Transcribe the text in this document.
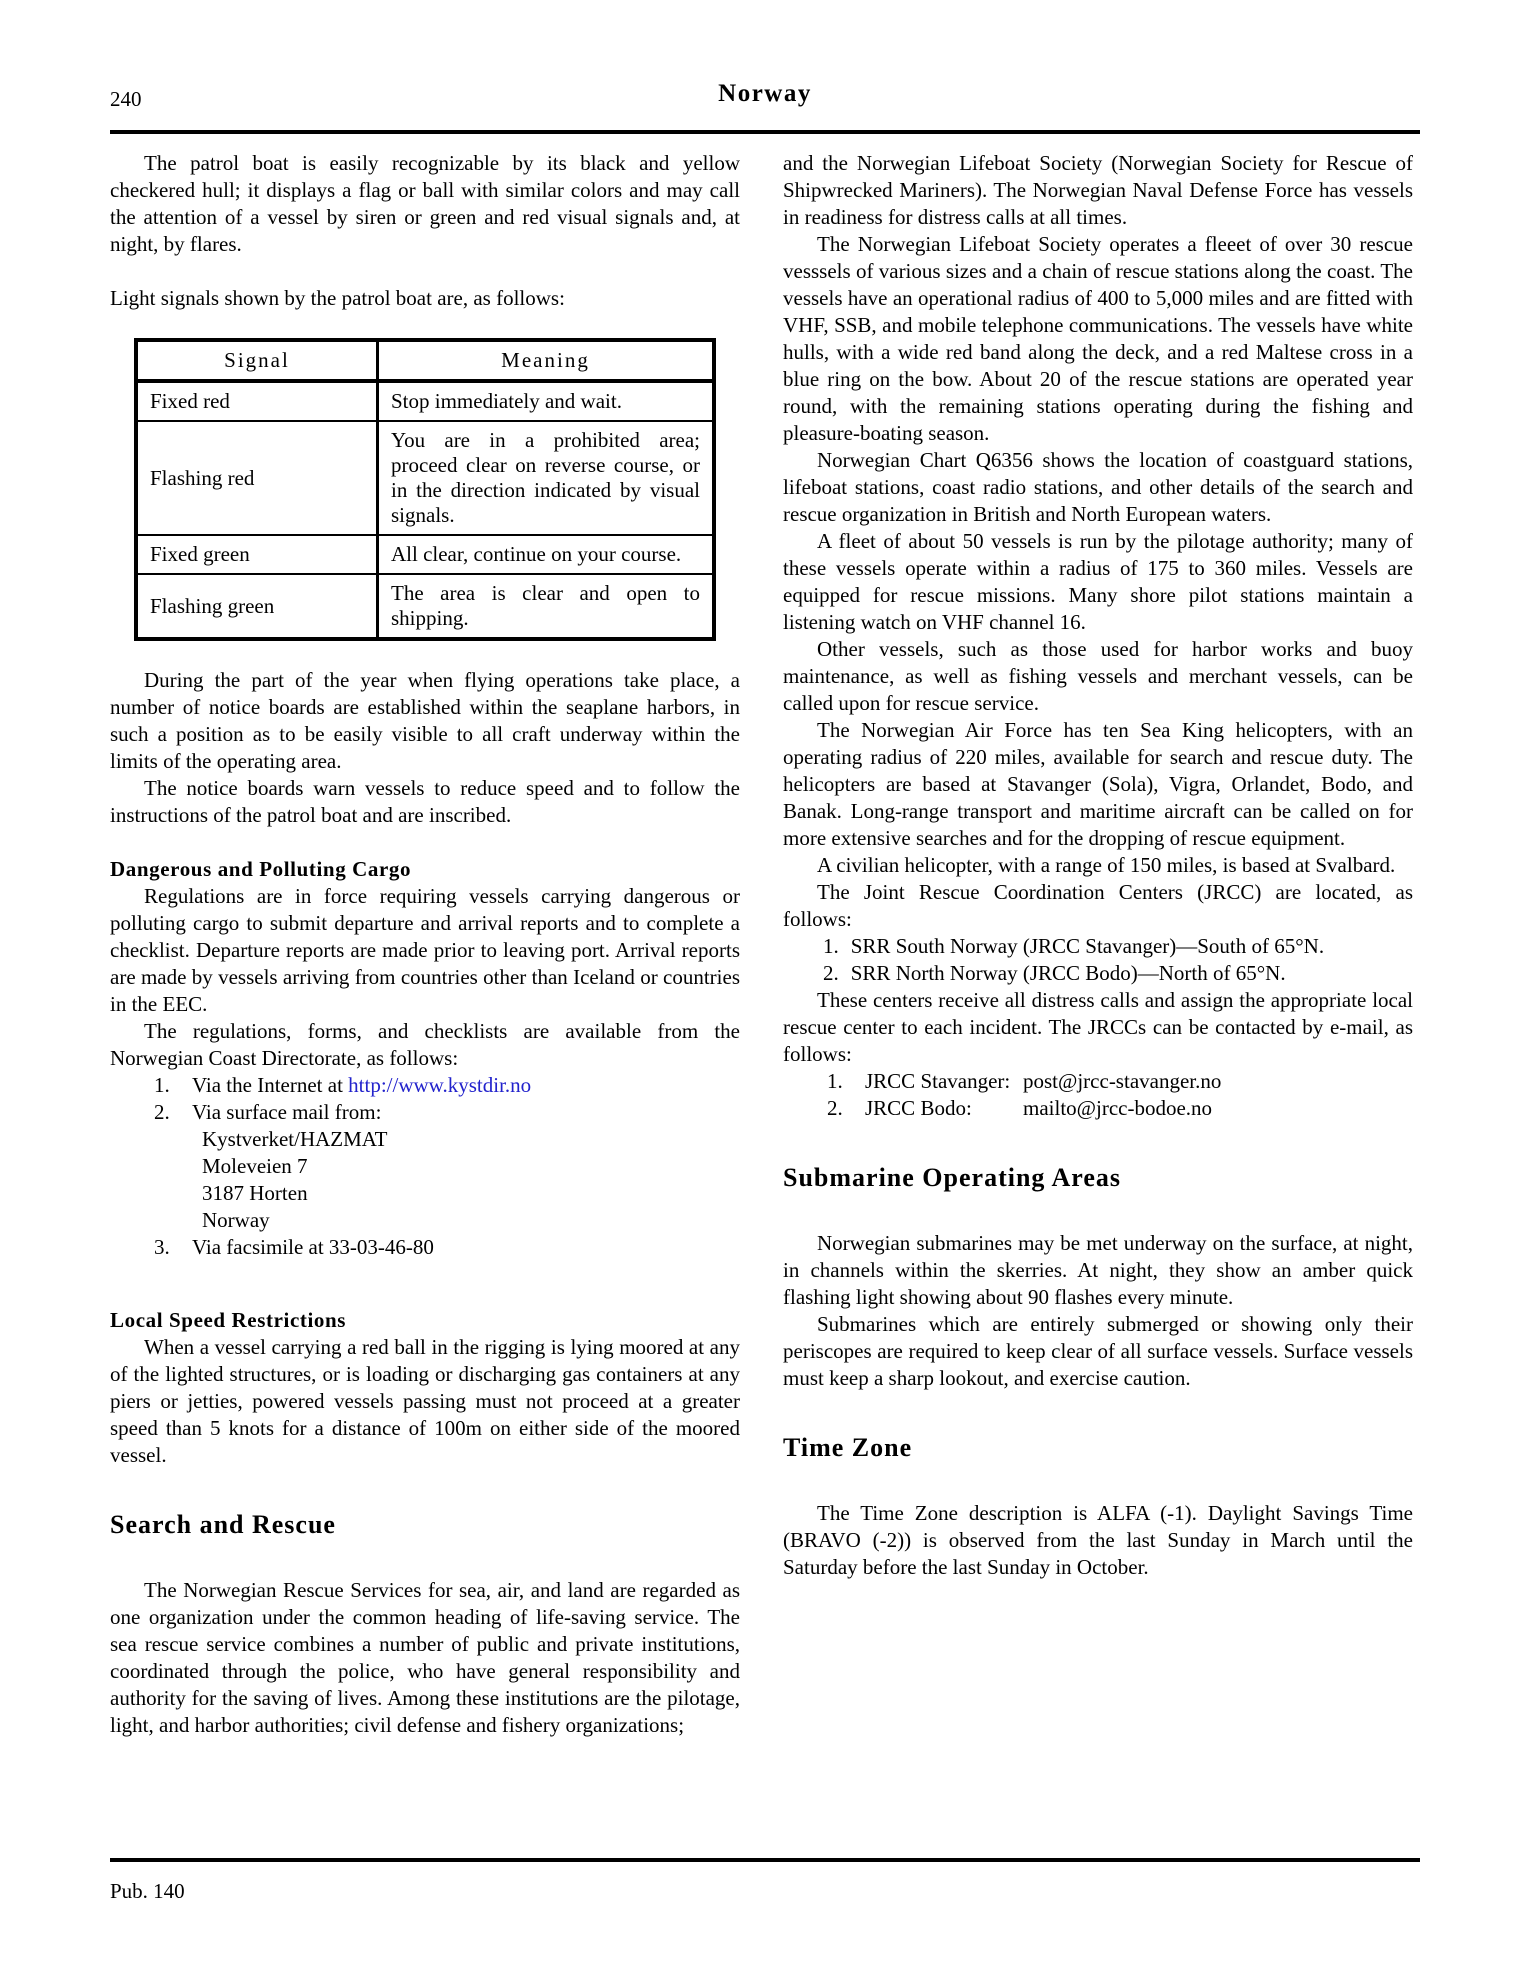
240	Norway

The patrol boat is easily recognizable by its black and yellow checkered hull; it displays a flag or ball with similar colors and may call the attention of a vessel by siren or green and red visual signals and, at night, by flares.

Light signals shown by the patrol boat are, as follows:

Signal	Meaning
Fixed red	Stop immediately and wait.
Flashing red	You are in a prohibited area; proceed clear on reverse course, or in the direction indicated by visual signals.
Fixed green	All clear, continue on your course.
Flashing green	The area is clear and open to shipping.

During the part of the year when flying operations take place, a number of notice boards are established within the seaplane harbors, in such a position as to be easily visible to all craft underway within the limits of the operating area.

The notice boards warn vessels to reduce speed and to follow the instructions of the patrol boat and are inscribed.

Dangerous and Polluting Cargo

Regulations are in force requiring vessels carrying dangerous or polluting cargo to submit departure and arrival reports and to complete a checklist. Departure reports are made prior to leaving port. Arrival reports are made by vessels arriving from countries other than Iceland or countries in the EEC.

The regulations, forms, and checklists are available from the Norwegian Coast Directorate, as follows:

1. Via the Internet at http://www.kystdir.no
2. Via surface mail from:
Kystverket/HAZMAT
Moleveien 7
3187 Horten
Norway
3. Via facsimile at 33-03-46-80
Local Speed Restrictions

When a vessel carrying a red ball in the rigging is lying moored at any of the lighted structures, or is loading or discharging gas containers at any piers or jetties, powered vessels passing must not proceed at a greater speed than 5 knots for a distance of 100m on either side of the moored vessel.

Search and Rescue

The Norwegian Rescue Services for sea, air, and land are regarded as one organization under the common heading of life-saving service. The sea rescue service combines a number of public and private institutions, coordinated through the police, who have general responsibility and authority for the saving of lives. Among these institutions are the pilotage, light, and harbor authorities; civil defense and fishery organizations;

and the Norwegian Lifeboat Society (Norwegian Society for Rescue of Shipwrecked Mariners). The Norwegian Naval Defense Force has vessels in readiness for distress calls at all times.

The Norwegian Lifeboat Society operates a fleeet of over 30 rescue vesssels of various sizes and a chain of rescue stations along the coast. The vessels have an operational radius of 400 to 5,000 miles and are fitted with VHF, SSB, and mobile telephone communications. The vessels have white hulls, with a wide red band along the deck, and a red Maltese cross in a blue ring on the bow. About 20 of the rescue stations are operated year round, with the remaining stations operating during the fishing and pleasure-boating season.

Norwegian Chart Q6356 shows the location of coastguard stations, lifeboat stations, coast radio stations, and other details of the search and rescue organization in British and North European waters.

A fleet of about 50 vessels is run by the pilotage authority; many of these vessels operate within a radius of 175 to 360 miles. Vessels are equipped for rescue missions. Many shore pilot stations maintain a listening watch on VHF channel 16.

Other vessels, such as those used for harbor works and buoy maintenance, as well as fishing vessels and merchant vessels, can be called upon for rescue service.

The Norwegian Air Force has ten Sea King helicopters, with an operating radius of 220 miles, available for search and rescue duty. The helicopters are based at Stavanger (Sola), Vigra, Orlandet, Bodo, and Banak. Long-range transport and maritime aircraft can be called on for more extensive searches and for the dropping of rescue equipment.

A civilian helicopter, with a range of 150 miles, is based at Svalbard.

The Joint Rescue Coordination Centers (JRCC) are located, as follows:

1. SRR South Norway (JRCC Stavanger)—South of 65°N.
2. SRR North Norway (JRCC Bodo)—North of 65°N.

These centers receive all distress calls and assign the appropriate local rescue center to each incident. The JRCCs can be contacted by e-mail, as follows:

1.	JRCC Stavanger: post@jrcc-stavanger.no
2.	JRCC Bodo:	mailto@jrcc-bodoe.no
Submarine Operating Areas

Norwegian submarines may be met underway on the surface, at night, in channels within the skerries. At night, they show an amber quick flashing light showing about 90 flashes every minute.

Submarines which are entirely submerged or showing only their periscopes are required to keep clear of all surface vessels. Surface vessels must keep a sharp lookout, and exercise caution.

Time Zone

The Time Zone description is ALFA (-1). Daylight Savings Time (BRAVO (-2)) is observed from the last Sunday in March until the Saturday before the last Sunday in October.

Pub. 140
